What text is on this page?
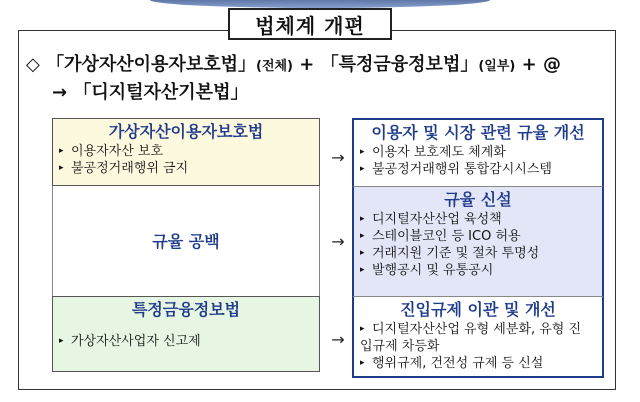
법체계 개편
◇ 「가상자산이용자보호법」(전체) + 「특정금융정보법」(일부) + @
→ 「디지털자산기본법」
가상자산이용자보호법
▸ 이용자자산 보호
▸ 불공정거래행위 금지
규율 공백
특정금융정보법
▸ 가상자산사업자 신고제
→
→
→
이용자 및 시장 관련 규율 개선
▸ 이용자 보호제도 체계화
▸ 불공정거래행위 통합감시시스템
규율 신설
▸ 디지털자산산업 육성책
▸ 스테이블코인 등 ICO 허용
▸ 거래지원 기준 및 절차 투명성
▸ 발행공시 및 유통공시
진입규제 이관 및 개선
▸ 디지털자산산업 유형 세분화, 유형 진
입규제 차등화
▸ 행위규제, 건전성 규제 등 신설
